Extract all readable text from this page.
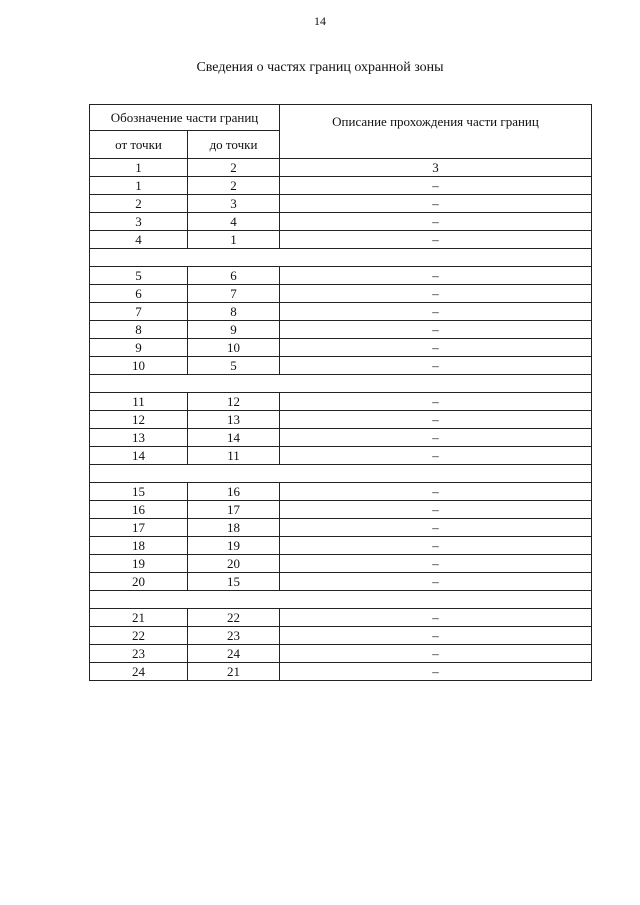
14
Сведения о частях границ охранной зоны
Обозначение части границ		Описание прохождения части границ
от точки	до точки	
1	2	3
1	2	–
2	3	–
3	4	–
4	1	–

5	6	–
6	7	–
7	8	–
8	9	–
9	10	–
10	5	–

11	12	–
12	13	–
13	14	–
14	11	–

15	16	–
16	17	–
17	18	–
18	19	–
19	20	–
20	15	–

21	22	–
22	23	–
23	24	–
24	21	–
